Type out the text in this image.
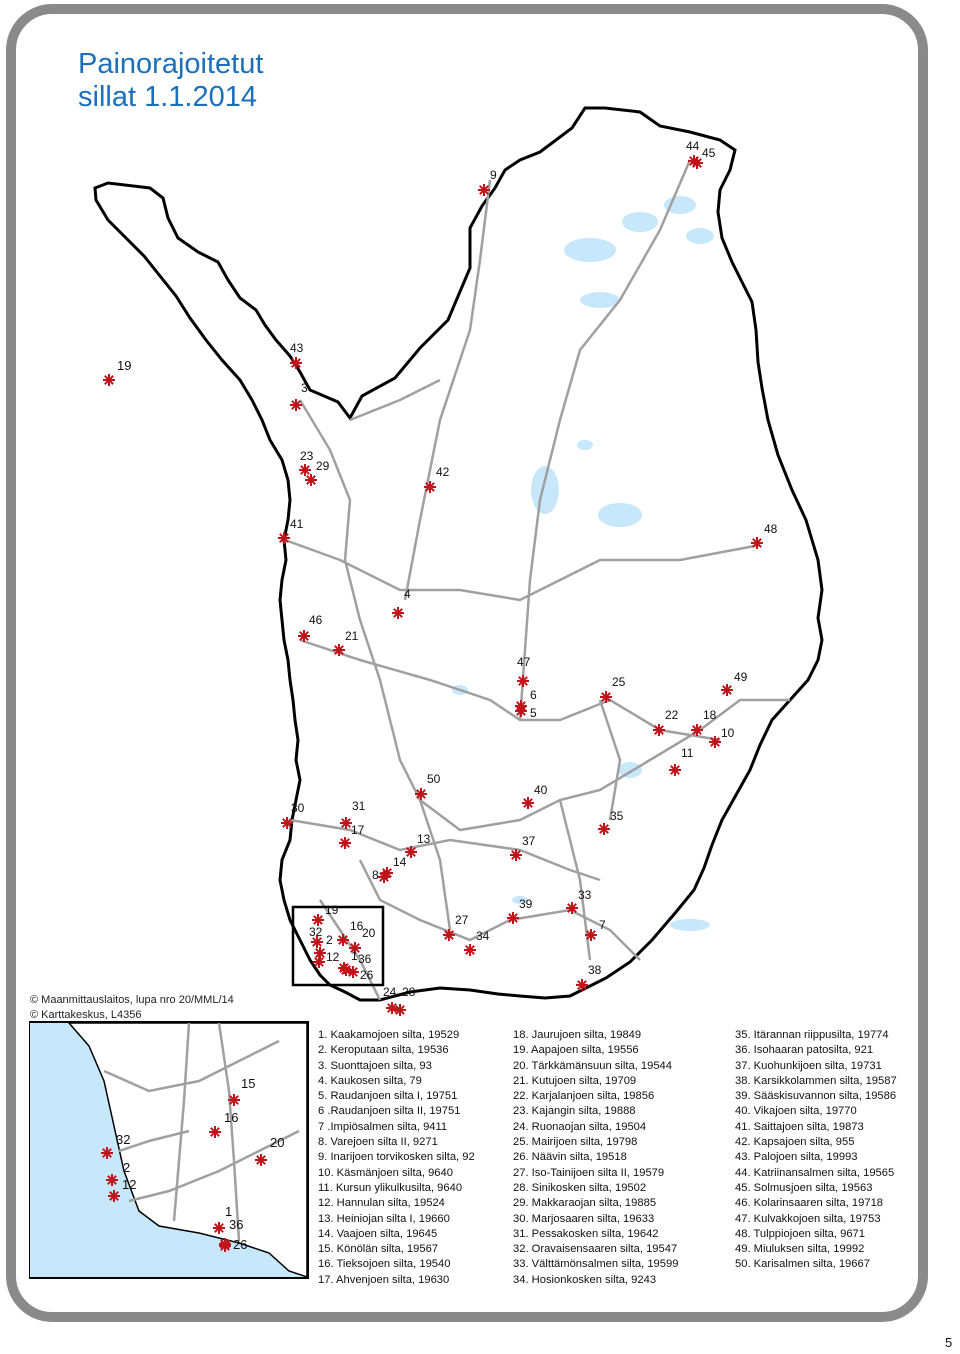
Painorajoitetut
sillat 1.1.2014
9
44 45
43
3
23
29	42
41	48
4
46
21
47
6
5
25	49
22 18
10
11
50
40
30	31
17
13
35
37
14
8
33
39
27	7
34
38
24 28
19
16
32	20
2
12 1 36
26
© Maanmittauslaitos, lupa nro 20/MML/14
© Karttakeskus, L4356
19
15
16
32	20
2
12
1
36
26
1. Kaakamojoen silta, 19529
2. Keroputaan silta, 19536
3. Suonttajoen silta, 93
4. Kaukosen silta, 79
5. Raudanjoen silta I, 19751
6 .Raudanjoen silta II, 19751
7 .Impiösalmen silta, 9411
8. Varejoen silta II, 9271
9. Inarijoen torvikosken silta, 92
10. Käsmänjoen silta, 9640
11. Kursun ylikulkusilta, 9640
12. Hannulan silta, 19524
13. Heiniojan silta I, 19660
14. Vaajoen silta, 19645
15. Könölän silta, 19567
16. Tieksojoen silta, 19540
17. Ahvenjoen silta, 19630
18. Jaurujoen silta, 19849
19. Aapajoen silta, 19556
20. Tärkkämänsuun silta, 19544
21. Kutujoen silta, 19709
22. Karjalanjoen silta, 19856
23. Kajangin silta, 19888
24. Ruonaojan silta, 19504
25. Mairijoen silta, 19798
26. Näävin silta, 19518
27. Iso-Tainijoen silta II, 19579
28. Sinikosken silta, 19502
29. Makkaraojan silta, 19885
30. Marjosaaren silta, 19633
31. Pessakosken silta, 19642
32. Oravaisensaaren silta, 19547
33. Välttämönsalmen silta, 19599
34. Hosionkosken silta, 9243
35. Itärannan riippusilta, 19774
36. Isohaaran patosilta, 921
37. Kuohunkijoen silta, 19731
38. Karsikkolammen silta, 19587
39. Sääskisuvannon silta, 19586
40. Vikajoen silta, 19770
41. Saittajoen silta, 19873
42. Kapsajoen silta, 955
43. Palojoen silta, 19993
44. Katriinansalmen silta, 19565
45. Solmusjoen silta, 19563
46. Kolarinsaaren silta, 19718
47. Kulvakkojoen silta, 19753
48. Tulppiojoen silta, 9671
49. Miuluksen silta, 19992
50. Karisalmen silta, 19667
5
